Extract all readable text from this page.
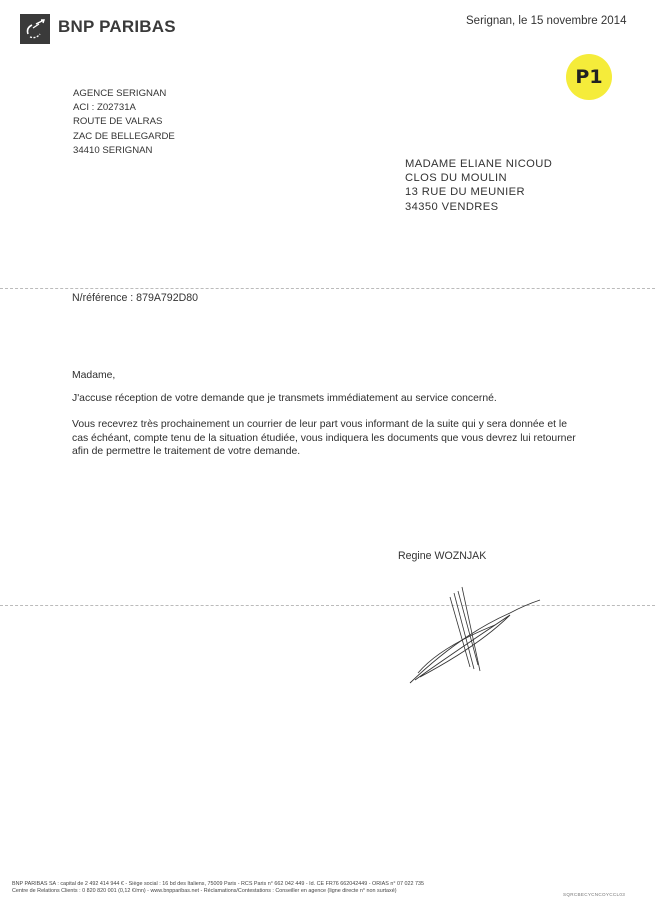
BNP PARIBAS	Serignan, le 15 novembre 2014
P1
AGENCE SERIGNAN
ACI : Z02731A
ROUTE DE VALRAS
ZAC DE BELLEGARDE
34410 SERIGNAN
MADAME ELIANE NICOUD
CLOS DU MOULIN
13 RUE DU MEUNIER
34350 VENDRES
N/référence : 879A792D80
Madame,
J'accuse réception de votre demande que je transmets immédiatement au service concerné.
Vous recevrez très prochainement un courrier de leur part vous informant de la suite qui y sera donnée et le
cas échéant, compte tenu de la situation étudiée, vous indiquera les documents que vous devrez lui retourner
afin de permettre le traitement de votre demande.
Regine WOZNJAK
BNP PARIBAS SA : capital de 2 492 414 944 € - Siège social : 16 bd des Italiens, 75009 Paris - RCS Paris n° 662 042 449 - Id. CE FR76 662042449 - ORIAS n° 07 022 735
Centre de Relations Clients : 0 820 820 001 (0,12 €/mn) - www.bnpparibas.net - Réclamations/Contestations : Conseiller en agence (ligne directe n° non surtaxé)
SQRCBECYCNCOYCCL03
